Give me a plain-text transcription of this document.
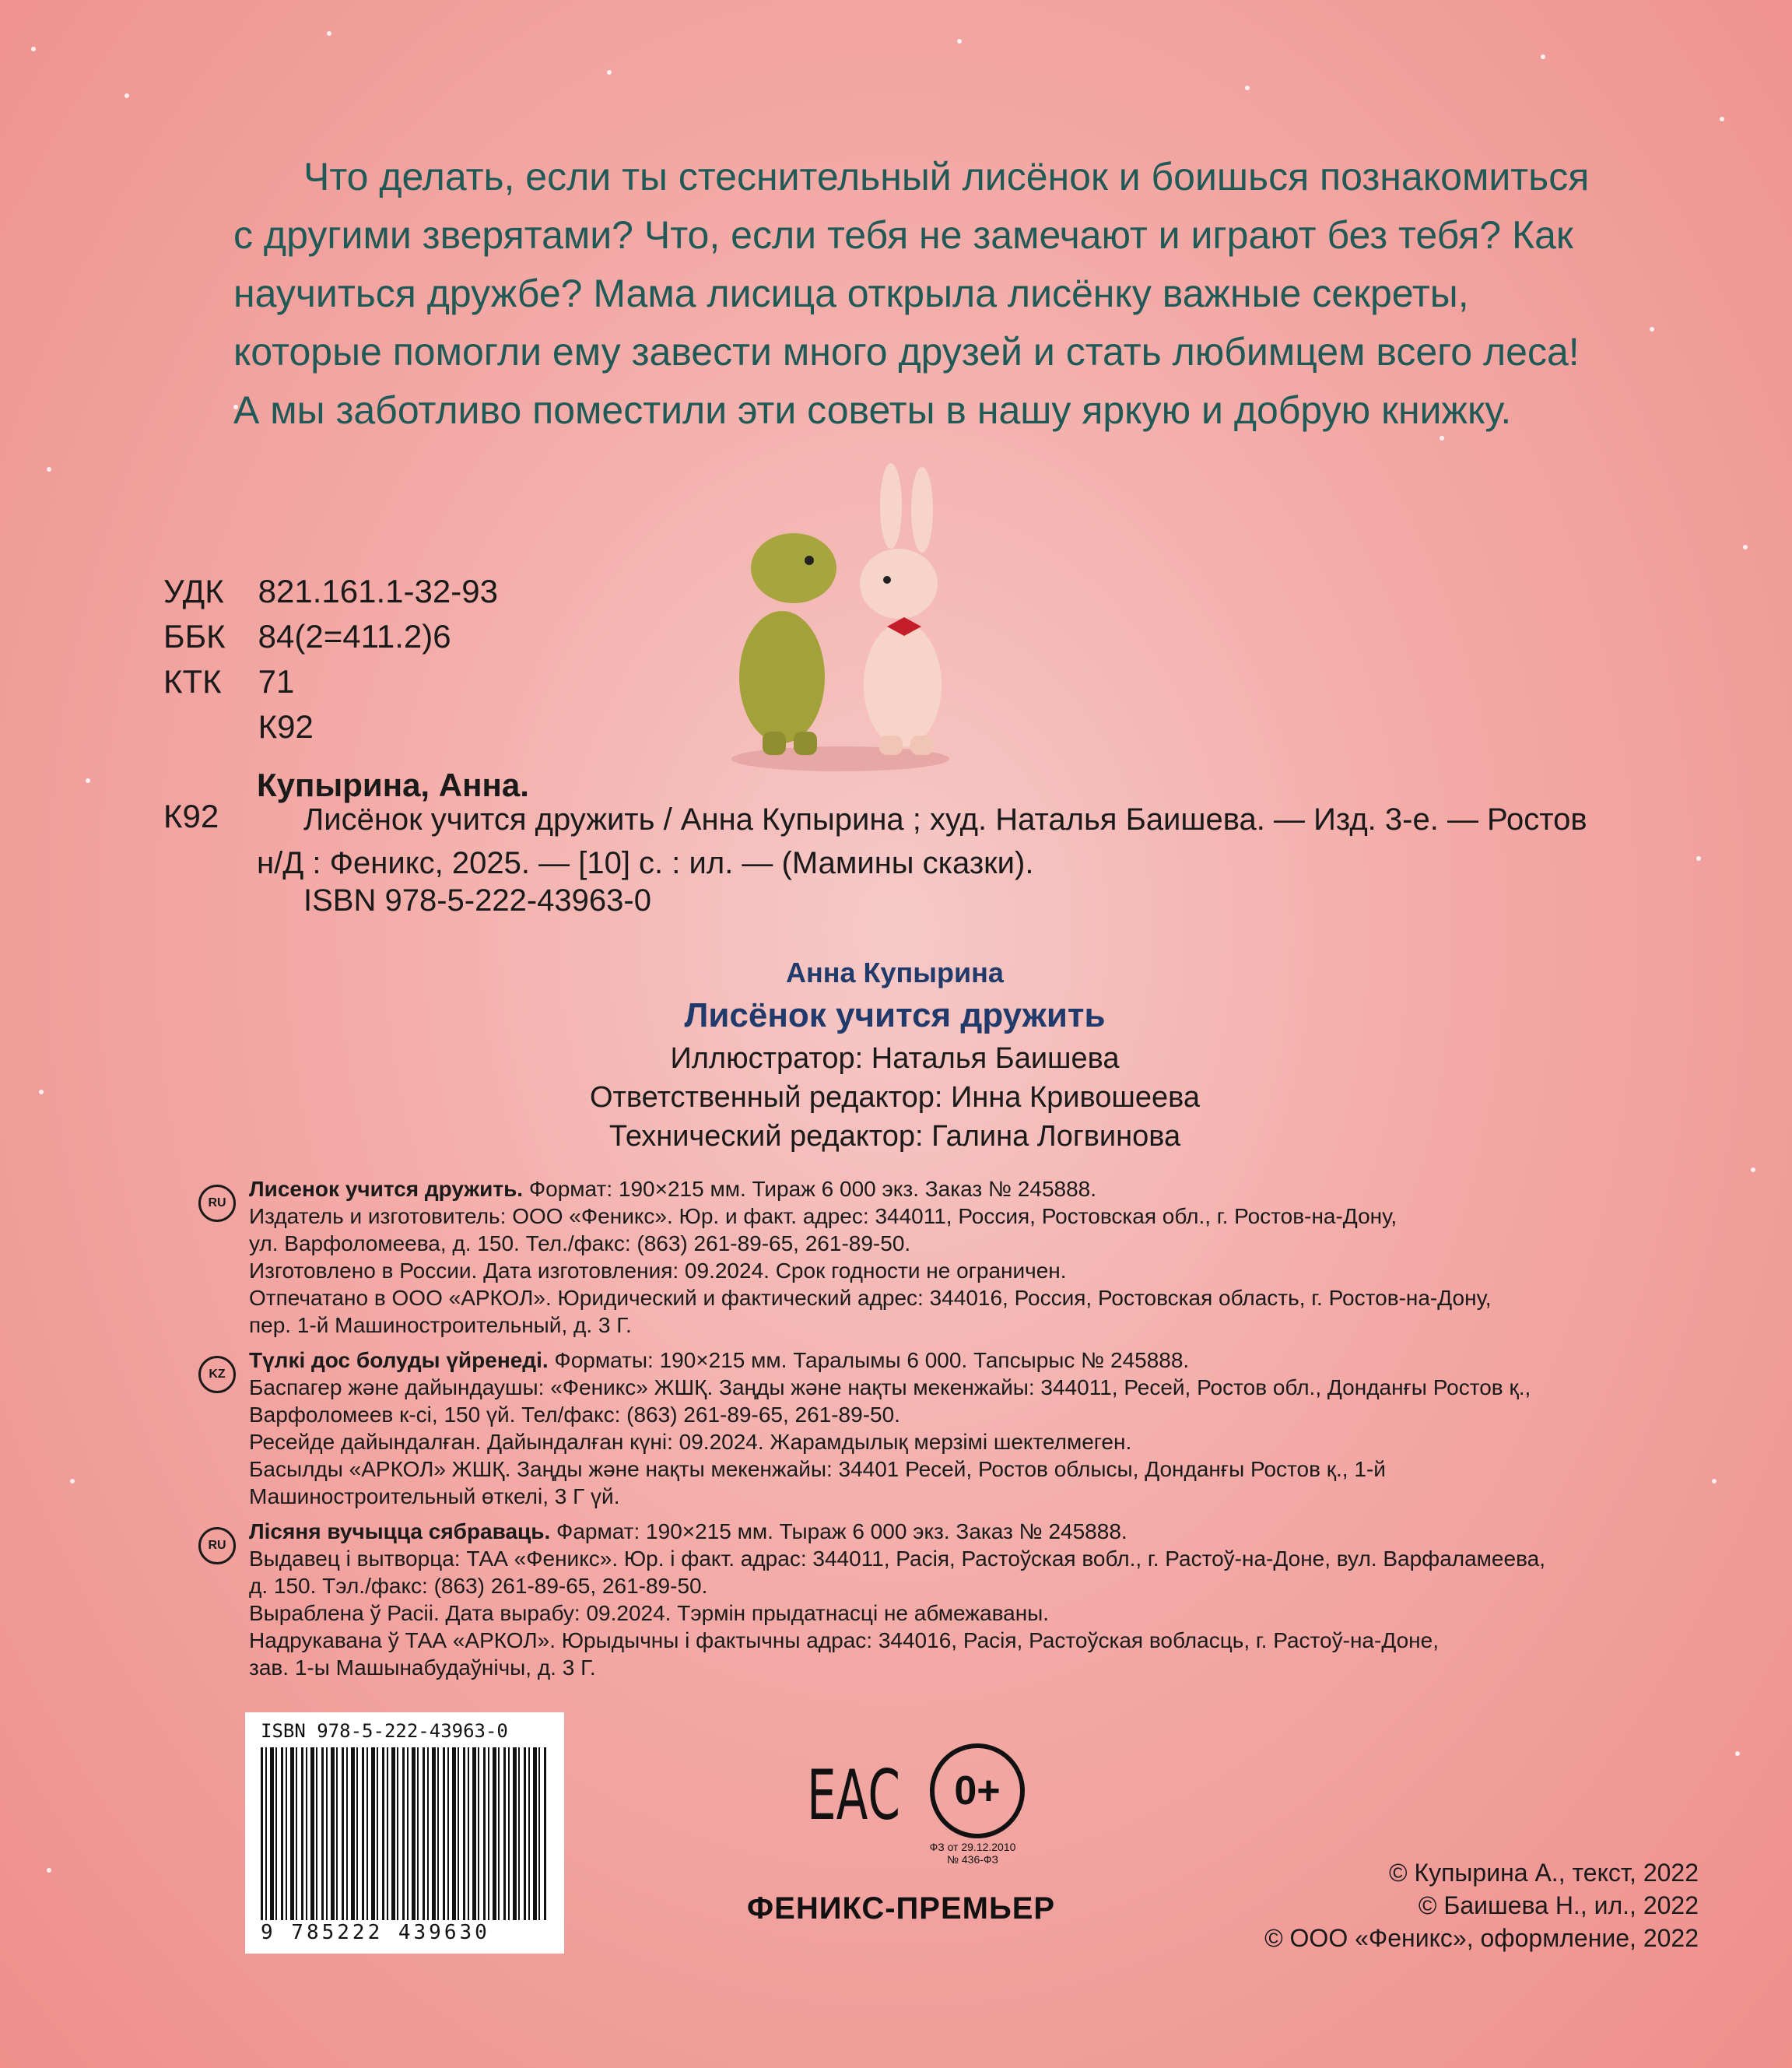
Что делать, если ты стеснительный лисёнок и боишься познакомиться с другими зверятами? Что, если тебя не замечают и играют без тебя? Как научиться дружбе? Мама лисица открыла лисёнку важные секреты, которые помогли ему завести много друзей и стать любимцем всего леса! А мы заботливо поместили эти советы в нашу яркую и добрую книжку.

УДК 821.161.1-32-93
ББК 84(2=411.2)6
КТК 71
К92
Купырина, Анна.
К92	Лисёнок учится дружить / Анна Купырина ; худ. Наталья Баишева. — Изд. 3-е. — Ростов н/Д : Феникс, 2025. — [10] с. : ил. — (Мамины сказки).

ISBN 978-5-222-43963-0
Анна Купырина
Лисёнок учится дружить
Иллюстратор: Наталья Баишева
Ответственный редактор: Инна Кривошеева
Технический редактор: Галина Логвинова
RU
Лисенок учится дружить. Формат: 190×215 мм. Тираж 6 000 экз. Заказ № 245888.
Издатель и изготовитель: ООО «Феникс». Юр. и факт. адрес: 344011, Россия, Ростовская обл., г. Ростов-на-Дону,
ул. Варфоломеева, д. 150. Тел./факс: (863) 261-89-65, 261-89-50.
Изготовлено в России. Дата изготовления: 09.2024. Срок годности не ограничен.
Отпечатано в ООО «АРКОЛ». Юридический и фактический адрес: 344016, Россия, Ростовская область, г. Ростов-на-Дону,
пер. 1-й Машиностроительный, д. 3 Г.
KZ
Түлкі дос болуды үйренеді. Форматы: 190×215 мм. Таралымы 6 000. Тапсырыс № 245888.
Баспагер және дайындаушы: «Феникс» ЖШҚ. Заңды және нақты мекенжайы: 344011, Ресей, Ростов обл., Донданғы Ростов қ.,
Варфоломеев к-сі, 150 үй. Тел/факс: (863) 261-89-65, 261-89-50.
Ресейде дайындалған. Дайындалған күні: 09.2024. Жарамдылық мерзімі шектелмеген.
Басылды «АРКОЛ» ЖШҚ. Заңды және нақты мекенжайы: 34401 Ресей, Ростов облысы, Донданғы Ростов қ., 1-й
Машиностроительный өткелі, 3 Г үй.
RU
Лісяня вучыцца сябраваць. Фармат: 190×215 мм. Тыраж 6 000 экз. Заказ № 245888.
Выдавец і вытворца: ТАА «Феникс». Юр. і факт. адрас: 344011, Расія, Растоўская вобл., г. Растоў-на-Доне, вул. Варфаламеева,
д. 150. Тэл./факс: (863) 261-89-65, 261-89-50.
Выраблена ў Расіі. Дата вырабу: 09.2024. Тэрмін прыдатнасці не абмежаваны.
Надрукавана ў ТАА «АРКОЛ». Юрыдычны і фактычны адрас: 344016, Расія, Растоўская вобласць, г. Растоў-на-Доне,
зав. 1-ы Машынабудаўнічы, д. 3 Г.
ISBN 978-5-222-43963-0
9 785222 439630
ЕАС	0+
ФЗ от 29.12.2010
№ 436-ФЗ
ФЕНИКС-ПРЕМЬЕР
© Купырина А., текст, 2022
© Баишева Н., ил., 2022
© ООО «Феникс», оформление, 2022
